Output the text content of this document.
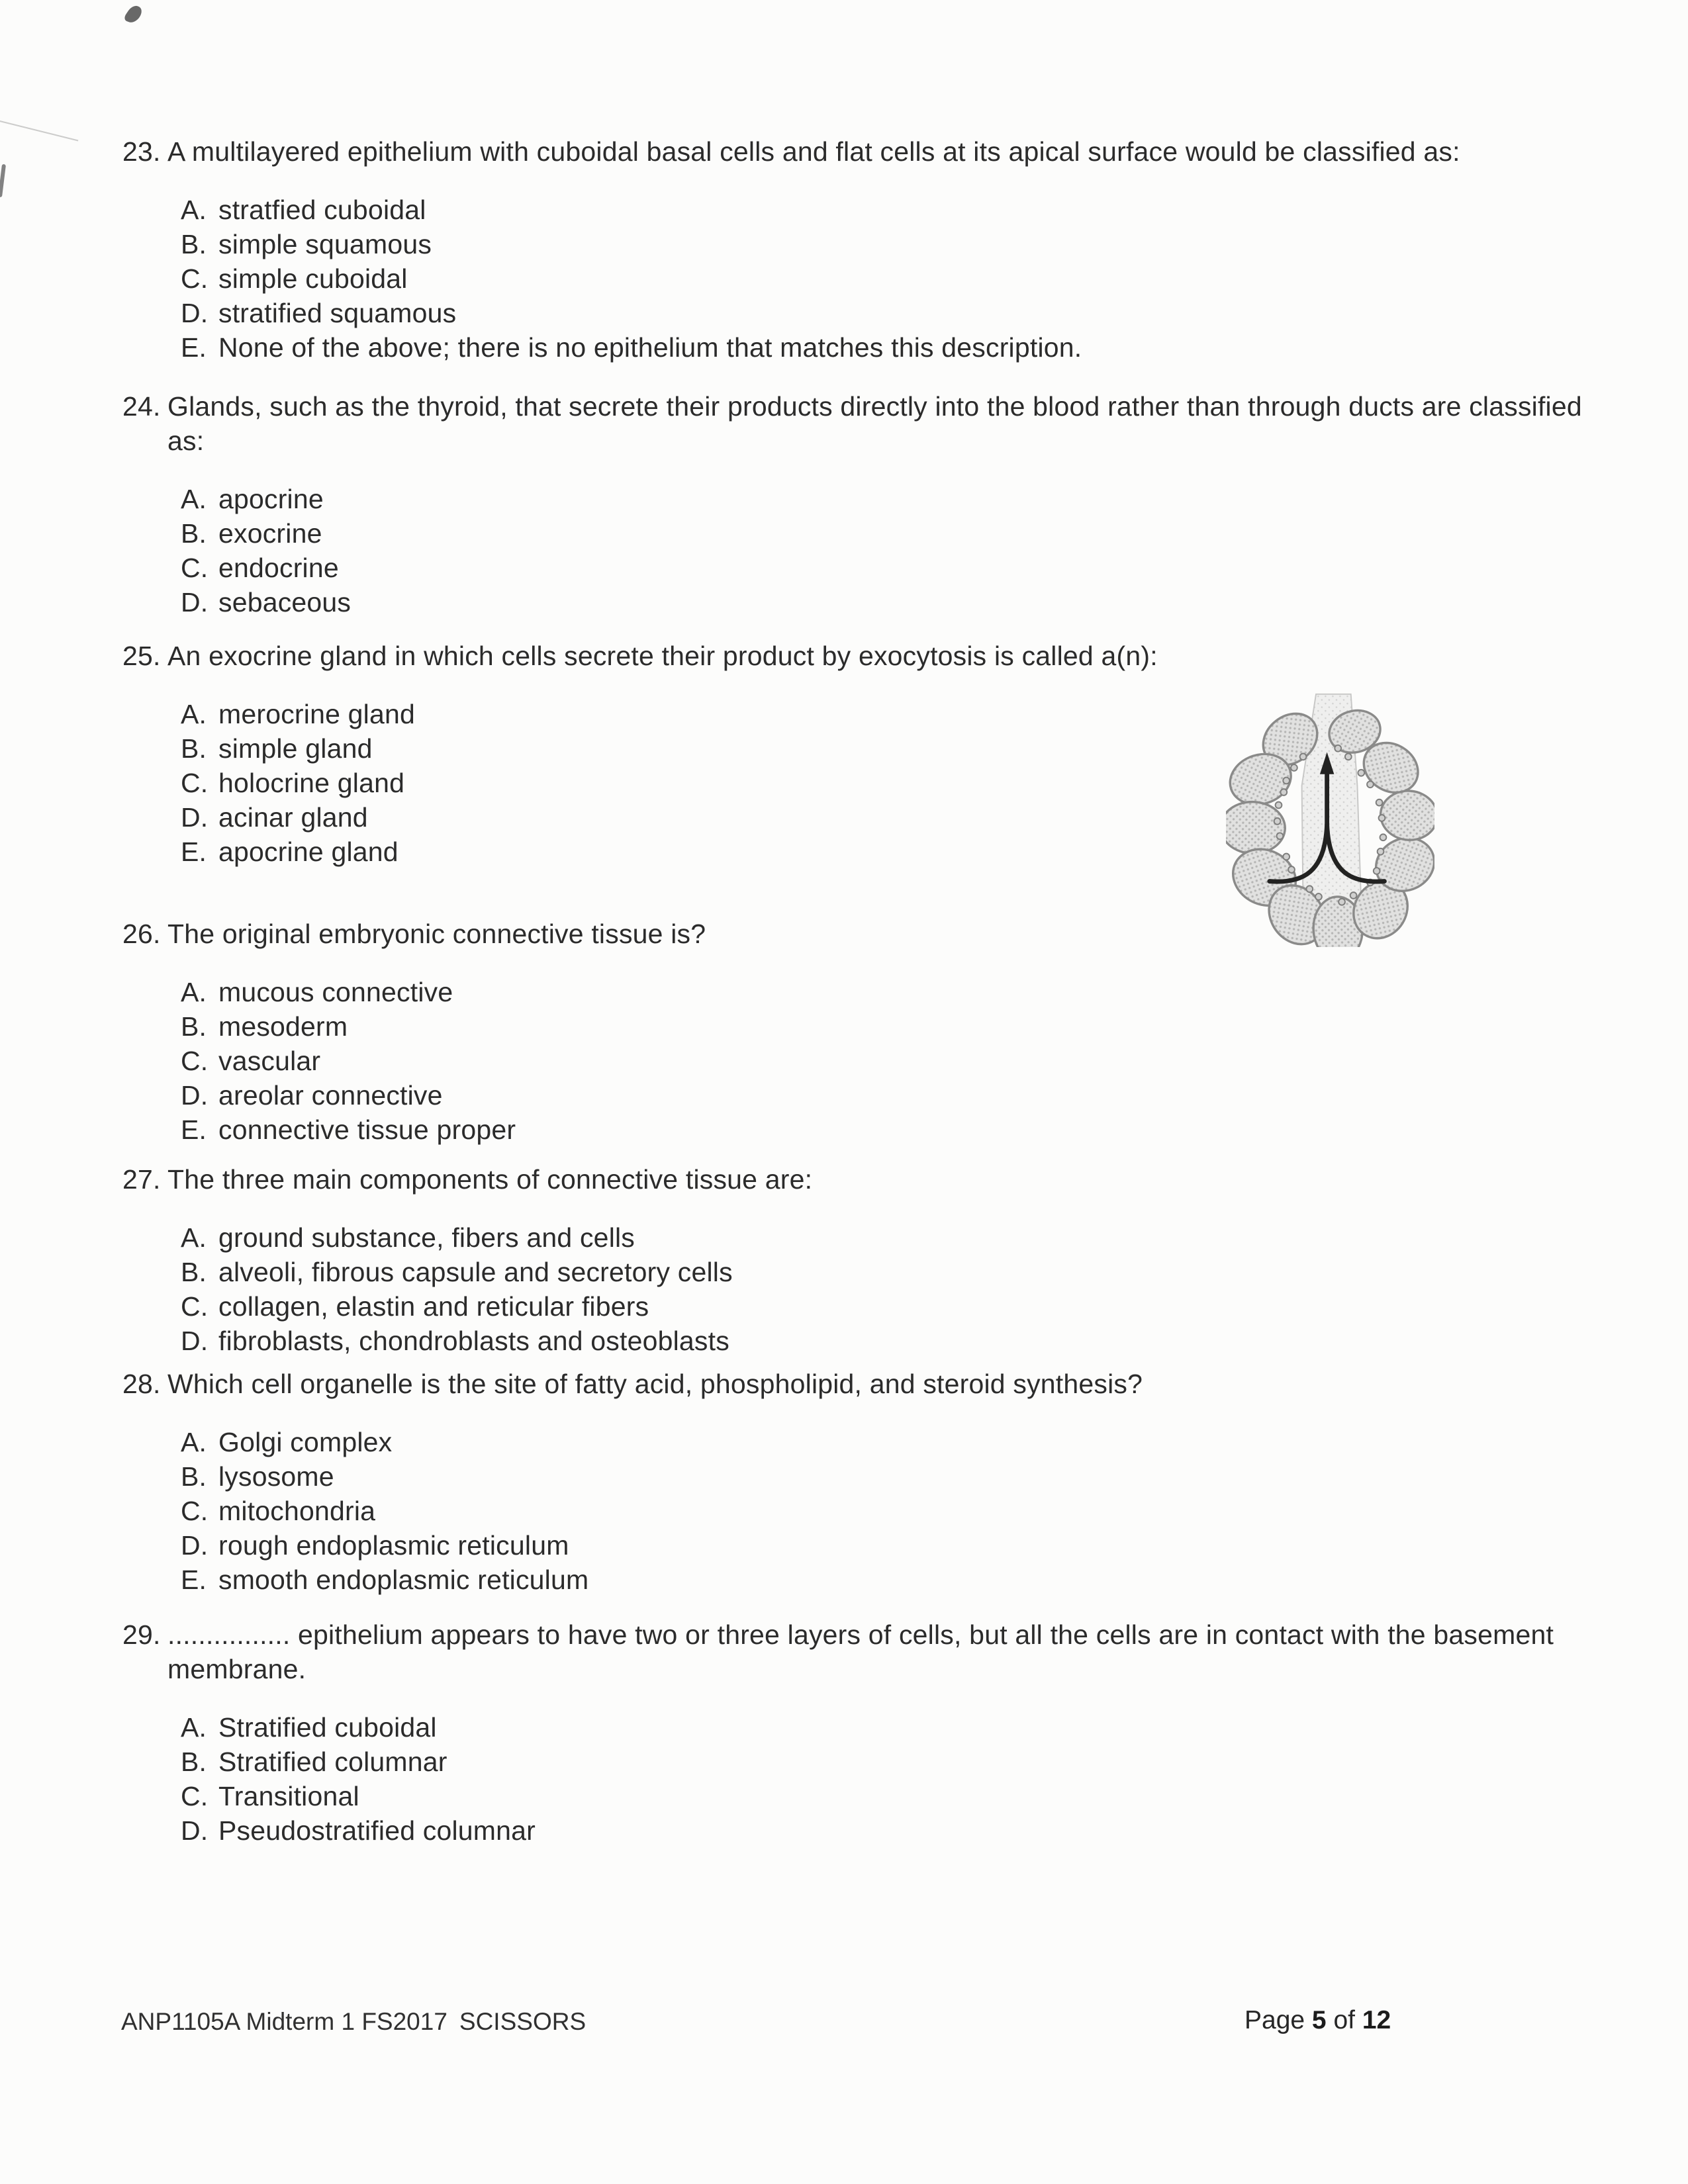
23. A multilayered epithelium with cuboidal basal cells and flat cells at its apical surface would be classified as:
A. stratfied cuboidal
B. simple squamous
C. simple cuboidal
D. stratified squamous
E. None of the above; there is no epithelium that matches this description.
24. Glands, such as the thyroid, that secrete their products directly into the blood rather than through ducts are classified
as:
A. apocrine
B. exocrine
C. endocrine
D. sebaceous
25. An exocrine gland in which cells secrete their product by exocytosis is called a(n):
A. merocrine gland
B. simple gland
C. holocrine gland
D. acinar gland
E. apocrine gland
26. The original embryonic connective tissue is?
A. mucous connective
B. mesoderm
C. vascular
D. areolar connective
E. connective tissue proper
27. The three main components of connective tissue are:
A. ground substance, fibers and cells
B. alveoli, fibrous capsule and secretory cells
C. collagen, elastin and reticular fibers
D. fibroblasts, chondroblasts and osteoblasts
28. Which cell organelle is the site of fatty acid, phospholipid, and steroid synthesis?
A. Golgi complex
B. lysosome
C. mitochondria
D. rough endoplasmic reticulum
E. smooth endoplasmic reticulum
29. ................ epithelium appears to have two or three layers of cells, but all the cells are in contact with the basement
membrane.
A. Stratified cuboidal
B. Stratified columnar
C. Transitional
D. Pseudostratified columnar
ANP1105A Midterm 1 FS2017 SCISSORS	Page 5 of 12
